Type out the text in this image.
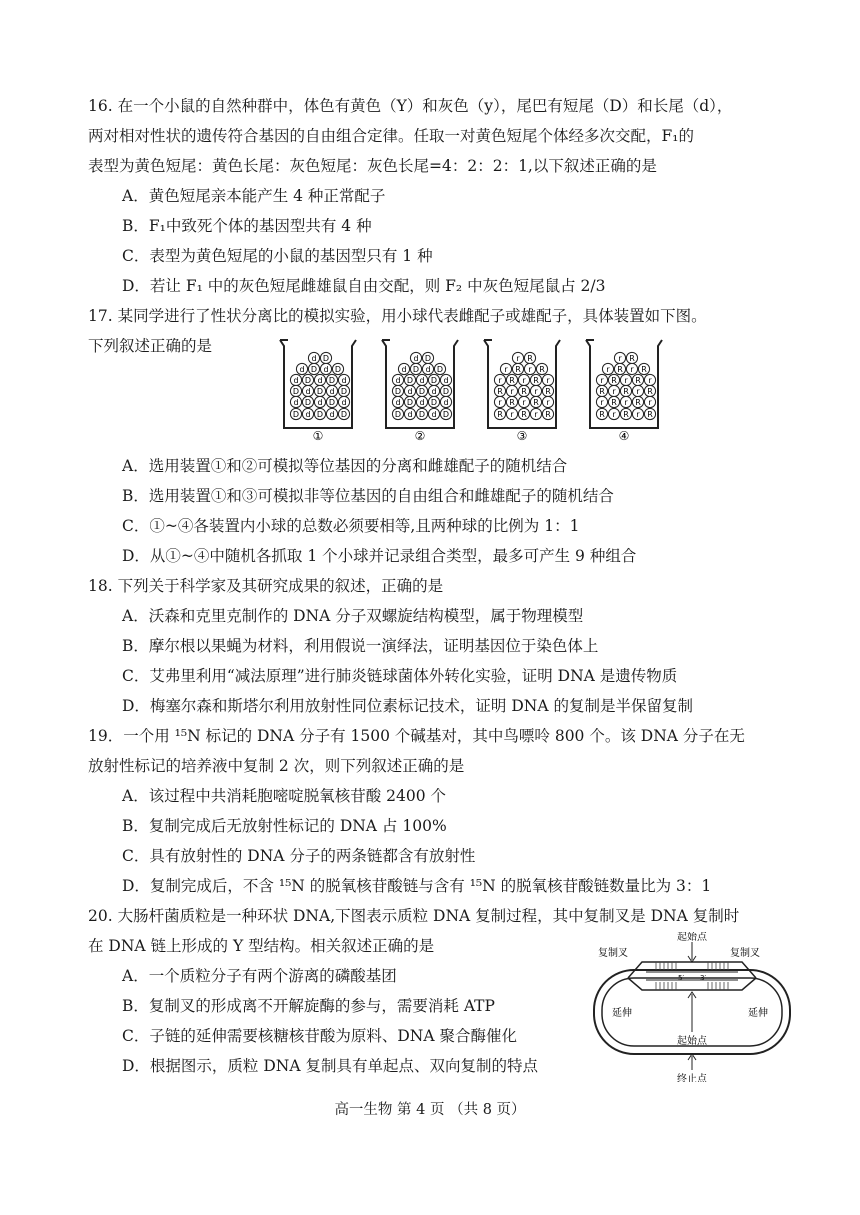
16. 在一个小鼠的自然种群中，体色有黄色（Y）和灰色（y），尾巴有短尾（D）和长尾（d），
两对相对性状的遗传符合基因的自由组合定律。任取一对黄色短尾个体经多次交配，F₁的
表型为黄色短尾：黄色长尾：灰色短尾：灰色长尾=4：2：2：1,以下叙述正确的是
A．黄色短尾亲本能产生 4 种正常配子
B．F₁中致死个体的基因型共有 4 种
C．表型为黄色短尾的小鼠的基因型只有 1 种
D．若让 F₁ 中的灰色短尾雌雄鼠自由交配，则 F₂ 中灰色短尾鼠占 2/3
17. 某同学进行了性状分离比的模拟实验，用小球代表雌配子或雄配子，具体装置如下图。
下列叙述正确的是
d D
d D d D
d D d D d
D d D d D
d D d D d
D d D d D
①
d D
d D d D
d D d D d
D d D d D
d D d D d
D d D d D
②
r R
r R r R
r R r R r
R r R r R
r R r R r
R r R r R
③
r R
r R r R
r R r R r
R r R r R
r R r R r
R r R r R
④
A．选用装置①和②可模拟等位基因的分离和雌雄配子的随机结合
B．选用装置①和③可模拟非等位基因的自由组合和雌雄配子的随机结合
C．①~④各装置内小球的总数必须要相等,且两种球的比例为 1：1
D．从①~④中随机各抓取 1 个小球并记录组合类型，最多可产生 9 种组合
18. 下列关于科学家及其研究成果的叙述，正确的是
A．沃森和克里克制作的 DNA 分子双螺旋结构模型，属于物理模型
B．摩尔根以果蝇为材料，利用假说一演绎法，证明基因位于染色体上
C．艾弗里利用“减法原理”进行肺炎链球菌体外转化实验，证明 DNA 是遗传物质
D．梅塞尔森和斯塔尔利用放射性同位素标记技术，证明 DNA 的复制是半保留复制
19．一个用 ¹⁵N 标记的 DNA 分子有 1500 个碱基对，其中鸟嘌呤 800 个。该 DNA 分子在无
放射性标记的培养液中复制 2 次，则下列叙述正确的是
A．该过程中共消耗胞嘧啶脱氧核苷酸 2400 个
B．复制完成后无放射性标记的 DNA 占 100%
C．具有放射性的 DNA 分子的两条链都含有放射性
D．复制完成后，不含 ¹⁵N 的脱氧核苷酸链与含有 ¹⁵N 的脱氧核苷酸链数量比为 3：1
20. 大肠杆菌质粒是一种环状 DNA,下图表示质粒 DNA 复制过程，其中复制叉是 DNA 复制时
在 DNA 链上形成的 Y 型结构。相关叙述正确的是
A．一个质粒分子有两个游离的磷酸基团
B．复制叉的形成离不开解旋酶的参与，需要消耗 ATP
C．子链的延伸需要核糖核苷酸为原料、DNA 聚合酶催化
D．根据图示，质粒 DNA 复制具有单起点、双向复制的特点
起始点
复制叉	复制叉
延伸	延伸
起始点
终止点
5′ 3′
高一生物 第 4 页 （共 8 页）
